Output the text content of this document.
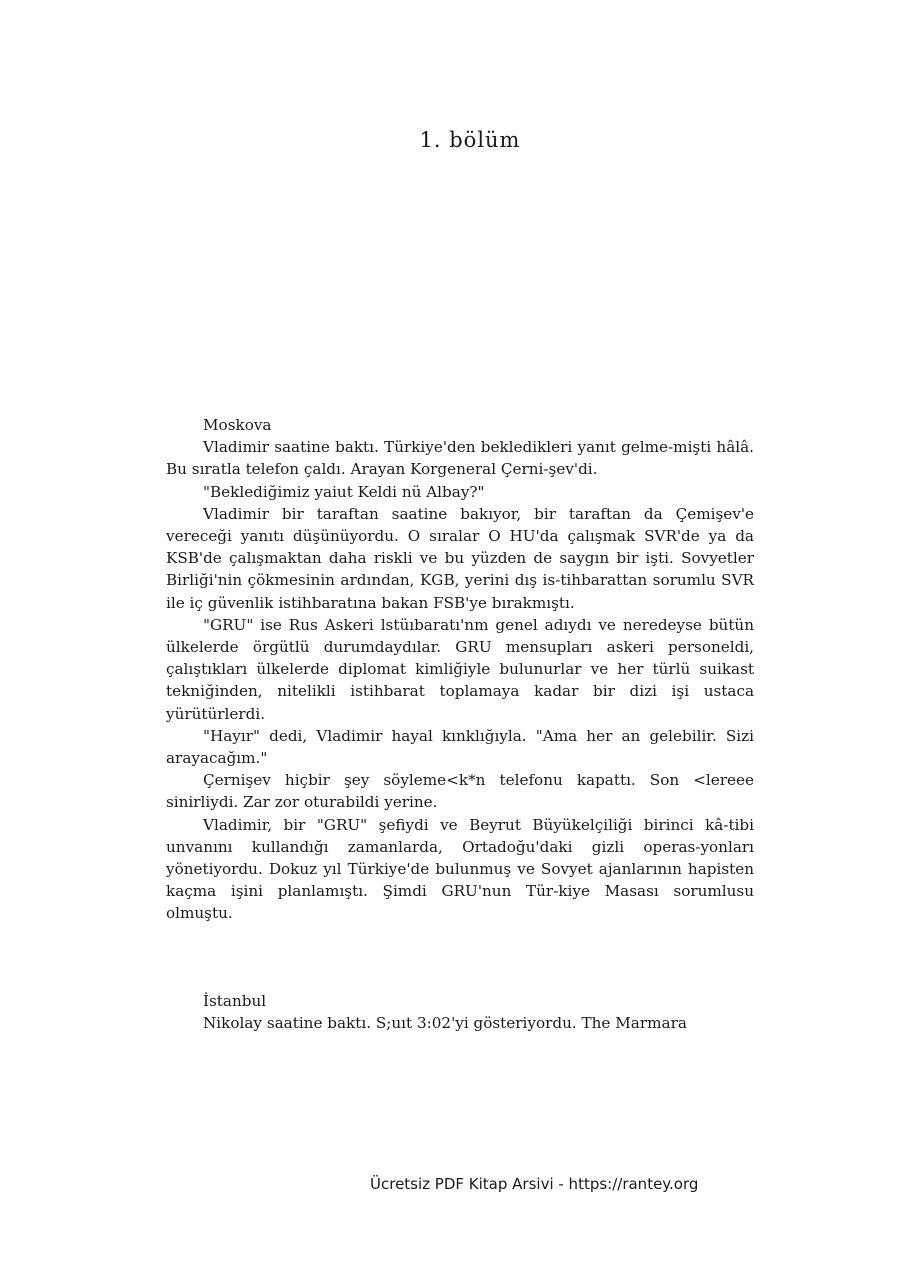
1. bölüm

Moskova

Vladimir saatine baktı. Türkiye'den bekledikleri yanıt gelme-mişti hâlâ. Bu sıratla telefon çaldı. Arayan Korgeneral Çerni-şev'di.

"Beklediğimiz yaiut Keldi nü Albay?"

Vladimir bir taraftan saatine bakıyor, bir taraftan da Çemişev'e vereceği yanıtı düşünüyordu. O sıralar O HU'da çalışmak SVR'de ya da KSB'de çalışmaktan daha riskli ve bu yüzden de saygın bir işti. Sovyetler Birliği'nin çökmesinin ardından, KGB, yerini dış is-tihbarattan sorumlu SVR ile iç güvenlik istihbaratına bakan FSB'ye bırakmıştı.

"GRU" ise Rus Askeri lstüıbaratı'nm genel adıydı ve neredeyse bütün ülkelerde örgütlü durumdaydılar. GRU mensupları askeri personeldi, çalıştıkları ülkelerde diplomat kimliğiyle bulunurlar ve her türlü suikast tekniğinden, nitelikli istihbarat toplamaya kadar bir dizi işi ustaca yürütürlerdi.

"Hayır" dedi, Vladimir hayal kınklığıyla. "Ama her an gelebilir. Sizi arayacağım."

Çernişev hiçbir şey söyleme<k*n telefonu kapattı. Son <lereee sinirliydi. Zar zor oturabildi yerine.

Vladimir, bir "GRU" şefiydi ve Beyrut Büyükelçiliği birinci kâ-tibi unvanını kullandığı zamanlarda, Ortadoğu'daki gizli operas-yonları yönetiyordu. Dokuz yıl Türkiye'de bulunmuş ve Sovyet ajanlarının hapisten kaçma işini planlamıştı. Şimdi GRU'nun Tür-kiye Masası sorumlusu olmuştu.

İstanbul

Nikolay saatine baktı. S;uıt 3:02'yi gösteriyordu. The Marmara

Ücretsiz PDF Kitap Arsivi - https://rantey.org
